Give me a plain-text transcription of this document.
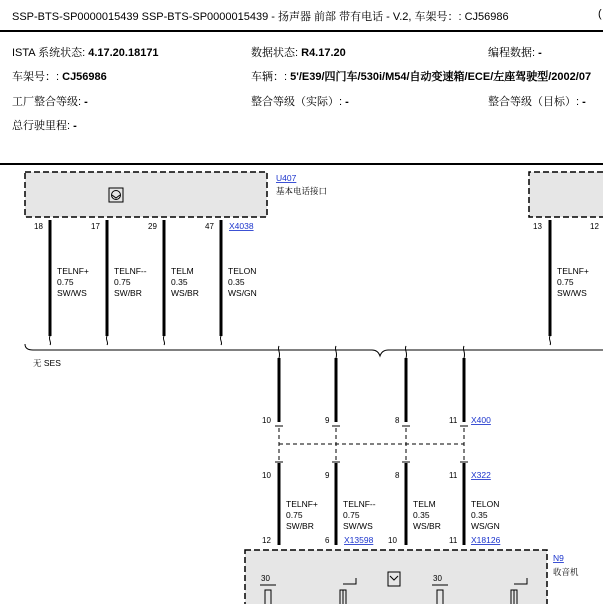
SSP-BTS-SP0000015439 SSP-BTS-SP0000015439 - 扬声器 前部 带有电话 - V.2, 车架号：: CJ56986	(
ISTA 系统状态: 4.17.20.18171	数据状态: R4.17.20	编程数据: -
车架号：: CJ56986	车辆：: 5'/E39/四门车/530i/M54/自动变速箱/ECE/左座驾驶型/2002/07
工厂整合等级: -	整合等级（实际）: -	整合等级（目标）: -
总行驶里程: -
U407
基本电话接口
18	17	29	47 X4038	13	12
TELNF+
0.75
SW/WS
TELNF--
0.75
SW/BR
TELM
0.35
WS/BR
TELON
0.35
WS/GN
TELNF+
0.75
SW/WS
无 SES
10	9	8	11 X400
10	9	8	11 X322
TELNF+
0.75
SW/BR
TELNF--
0.75
SW/WS
TELM
0.35
WS/BR
TELON
0.35
WS/GN
12	6	10	11
X13598	X18126
N9
收音机
30	30
